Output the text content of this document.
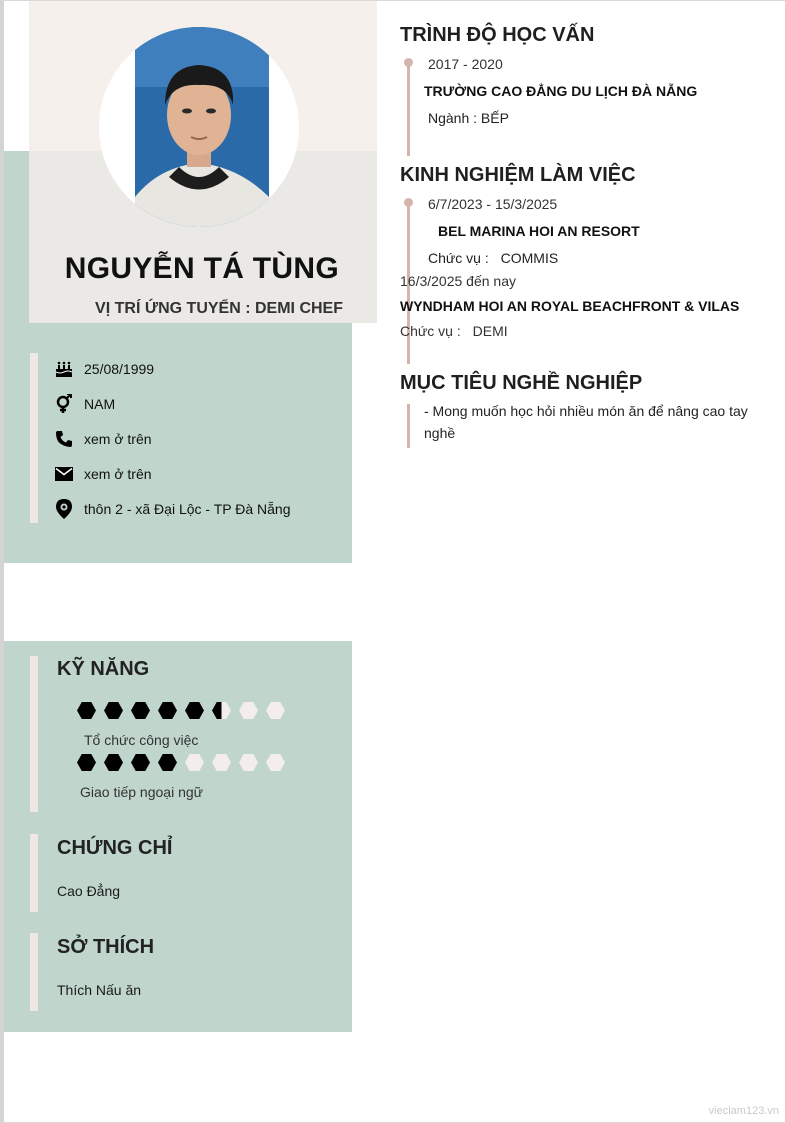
NGUYỄN TÁ TÙNG
VỊ TRÍ ỨNG TUYỂN : DEMI CHEF
25/08/1999
NAM
xem ở trên
xem ở trên
thôn 2 - xã Đại Lộc - TP Đà Nẵng
KỸ NĂNG
Tổ chức công việc
Giao tiếp ngoại ngữ
CHỨNG CHỈ
Cao Đẳng
SỞ THÍCH
Thích Nấu ăn
TRÌNH ĐỘ HỌC VẤN
2017 - 2020
TRƯỜNG CAO ĐẲNG DU LỊCH ĐÀ NẴNG
Ngành : BẾP
KINH NGHIỆM LÀM VIỆC
6/7/2023 - 15/3/2025
BEL MARINA HOI AN RESORT
Chức vụ : COMMIS
16/3/2025 đến nay
WYNDHAM HOI AN ROYAL BEACHFRONT & VILAS
Chức vụ : DEMI
MỤC TIÊU NGHỀ NGHIỆP
- Mong muốn học hỏi nhiều món ăn để nâng cao tay nghề
vieclam123.vn
